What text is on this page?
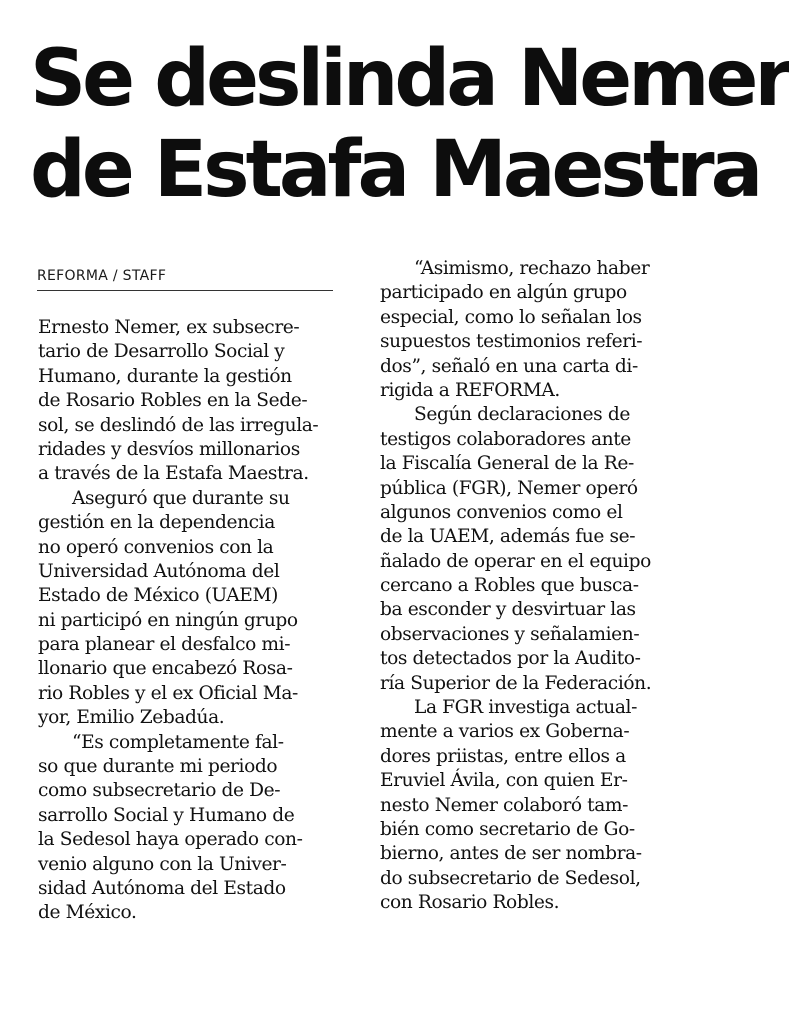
Se deslinda Nemer
de Estafa Maestra
REFORMA / STAFF
Ernesto Nemer, ex subsecre-
tario de Desarrollo Social y
Humano, durante la gestión
de Rosario Robles en la Sede-
sol, se deslindó de las irregula-
ridades y desvíos millonarios
a través de la Estafa Maestra.
Aseguró que durante su
gestión en la dependencia
no operó convenios con la
Universidad Autónoma del
Estado de México (UAEM)
ni participó en ningún grupo
para planear el desfalco mi-
llonario que encabezó Rosa-
rio Robles y el ex Oficial Ma-
yor, Emilio Zebadúa.
“Es completamente fal-
so que durante mi periodo
como subsecretario de De-
sarrollo Social y Humano de
la Sedesol haya operado con-
venio alguno con la Univer-
sidad Autónoma del Estado
de México.
“Asimismo, rechazo haber
participado en algún grupo
especial, como lo señalan los
supuestos testimonios referi-
dos”, señaló en una carta di-
rigida a REFORMA.
Según declaraciones de
testigos colaboradores ante
la Fiscalía General de la Re-
pública (FGR), Nemer operó
algunos convenios como el
de la UAEM, además fue se-
ñalado de operar en el equipo
cercano a Robles que busca-
ba esconder y desvirtuar las
observaciones y señalamien-
tos detectados por la Audito-
ría Superior de la Federación.
La FGR investiga actual-
mente a varios ex Goberna-
dores priistas, entre ellos a
Eruviel Ávila, con quien Er-
nesto Nemer colaboró tam-
bién como secretario de Go-
bierno, antes de ser nombra-
do subsecretario de Sedesol,
con Rosario Robles.
